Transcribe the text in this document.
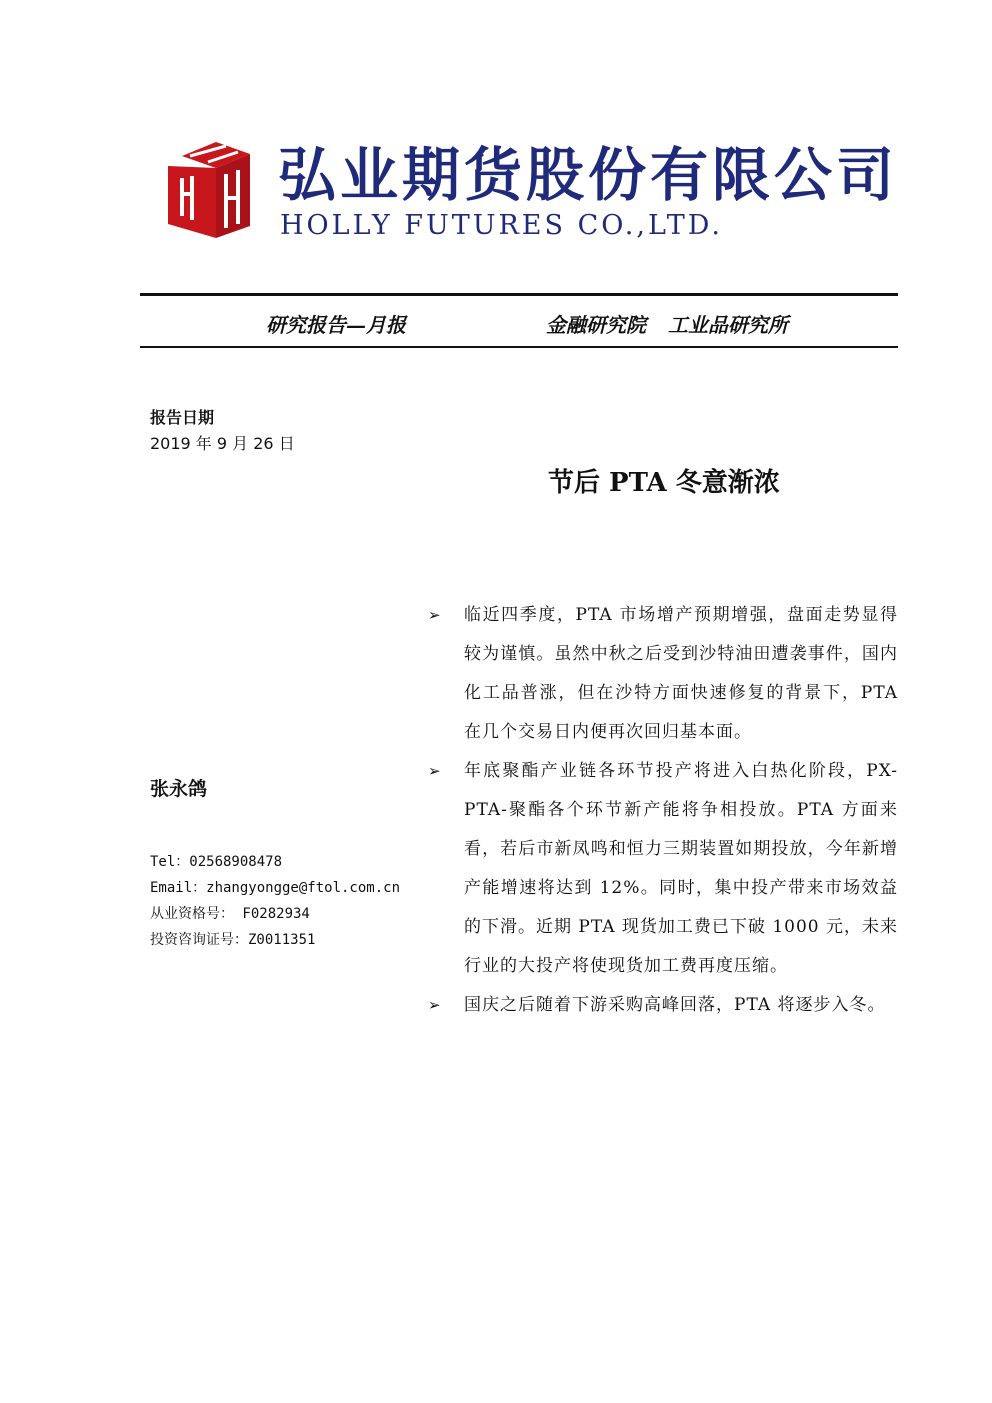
弘业期货股份有限公司
HOLLY FUTURES CO.,LTD.
研究报告—月报	金融研究院 工业品研究所
报告日期
2019 年 9 月 26 日
节后 PTA 冬意渐浓
张永鸽
Tel：02568908478
Email：zhangyongge@ftol.com.cn
从业资格号： F0282934
投资咨询证号：Z0011351
➢ 临近四季度，PTA 市场增产预期增强，盘面走势显得较为谨慎。虽然中秋之后受到沙特油田遭袭事件，国内化工品普涨，但在沙特方面快速修复的背景下，PTA 在几个交易日内便再次回归基本面。
➢ 年底聚酯产业链各环节投产将进入白热化阶段，PX-PTA-聚酯各个环节新产能将争相投放。PTA 方面来看，若后市新凤鸣和恒力三期装置如期投放，今年新增产能增速将达到 12%。同时，集中投产带来市场效益的下滑。近期 PTA 现货加工费已下破 1000 元，未来行业的大投产将使现货加工费再度压缩。
➢ 国庆之后随着下游采购高峰回落，PTA 将逐步入冬。
